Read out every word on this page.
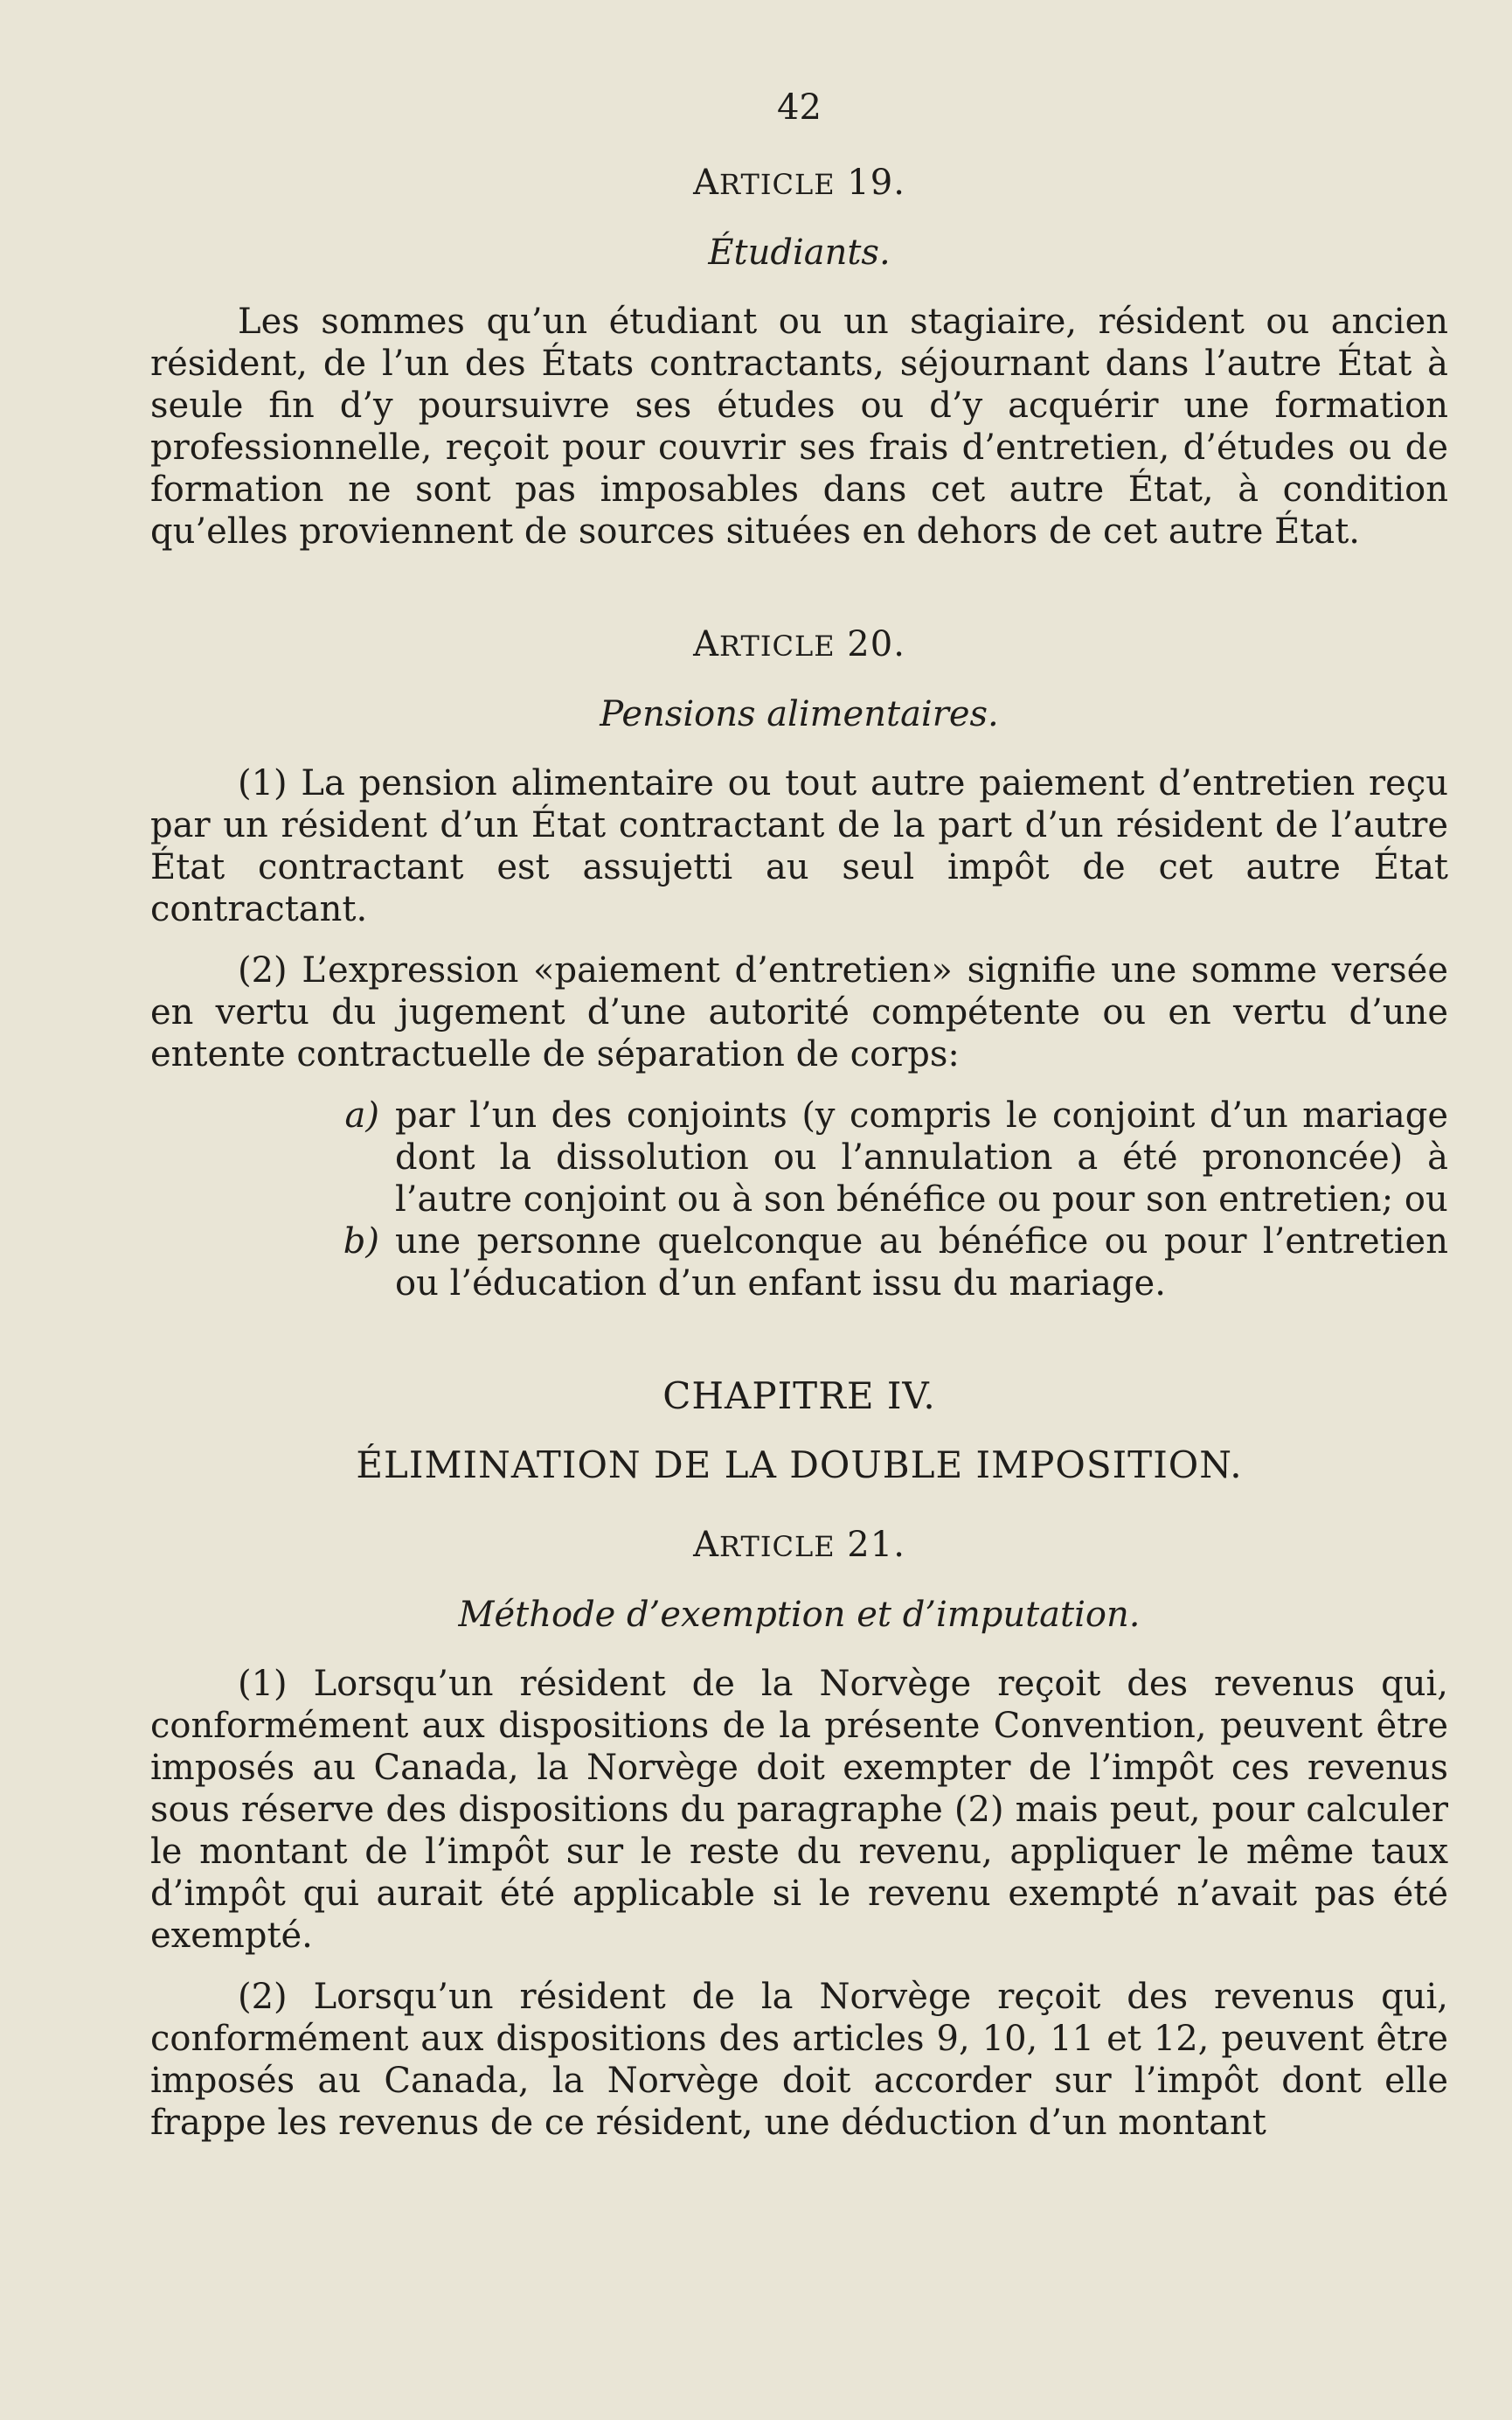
42
ARTICLE 19.
Étudiants.

Les sommes qu’un étudiant ou un stagiaire, résident ou ancien résident, de l’un des États contractants, séjournant dans l’autre État à seule fin d’y poursuivre ses études ou d’y acquérir une formation professionnelle, reçoit pour couvrir ses frais d’entretien, d’études ou de formation ne sont pas imposables dans cet autre État, à condition qu’elles proviennent de sources situées en dehors de cet autre État.

ARTICLE 20.
Pensions alimentaires.

(1) La pension alimentaire ou tout autre paiement d’entretien reçu par un résident d’un État contractant de la part d’un résident de l’autre État contractant est assujetti au seul impôt de cet autre État contractant.

(2) L’expression «paiement d’entretien» signifie une somme versée en vertu du jugement d’une autorité compétente ou en vertu d’une entente contractuelle de séparation de corps:

a) par l’un des conjoints (y compris le conjoint d’un mariage dont la dissolution ou l’annulation a été prononcée) à l’autre conjoint ou à son bénéfice ou pour son entretien; ou
b) une personne quelconque au bénéfice ou pour l’entretien ou l’éducation d’un enfant issu du mariage.
CHAPITRE IV.
ÉLIMINATION DE LA DOUBLE IMPOSITION.
ARTICLE 21.
Méthode d’exemption et d’imputation.

(1) Lorsqu’un résident de la Norvège reçoit des revenus qui, conformément aux dispositions de la présente Convention, peuvent être imposés au Canada, la Norvège doit exempter de l’impôt ces revenus sous réserve des dispositions du paragraphe (2) mais peut, pour calculer le montant de l’impôt sur le reste du revenu, appliquer le même taux d’impôt qui aurait été applicable si le revenu exempté n’avait pas été exempté.

(2) Lorsqu’un résident de la Norvège reçoit des revenus qui, conformément aux dispositions des articles 9, 10, 11 et 12, peuvent être imposés au Canada, la Norvège doit accorder sur l’impôt dont elle frappe les revenus de ce résident, une déduction d’un montant
